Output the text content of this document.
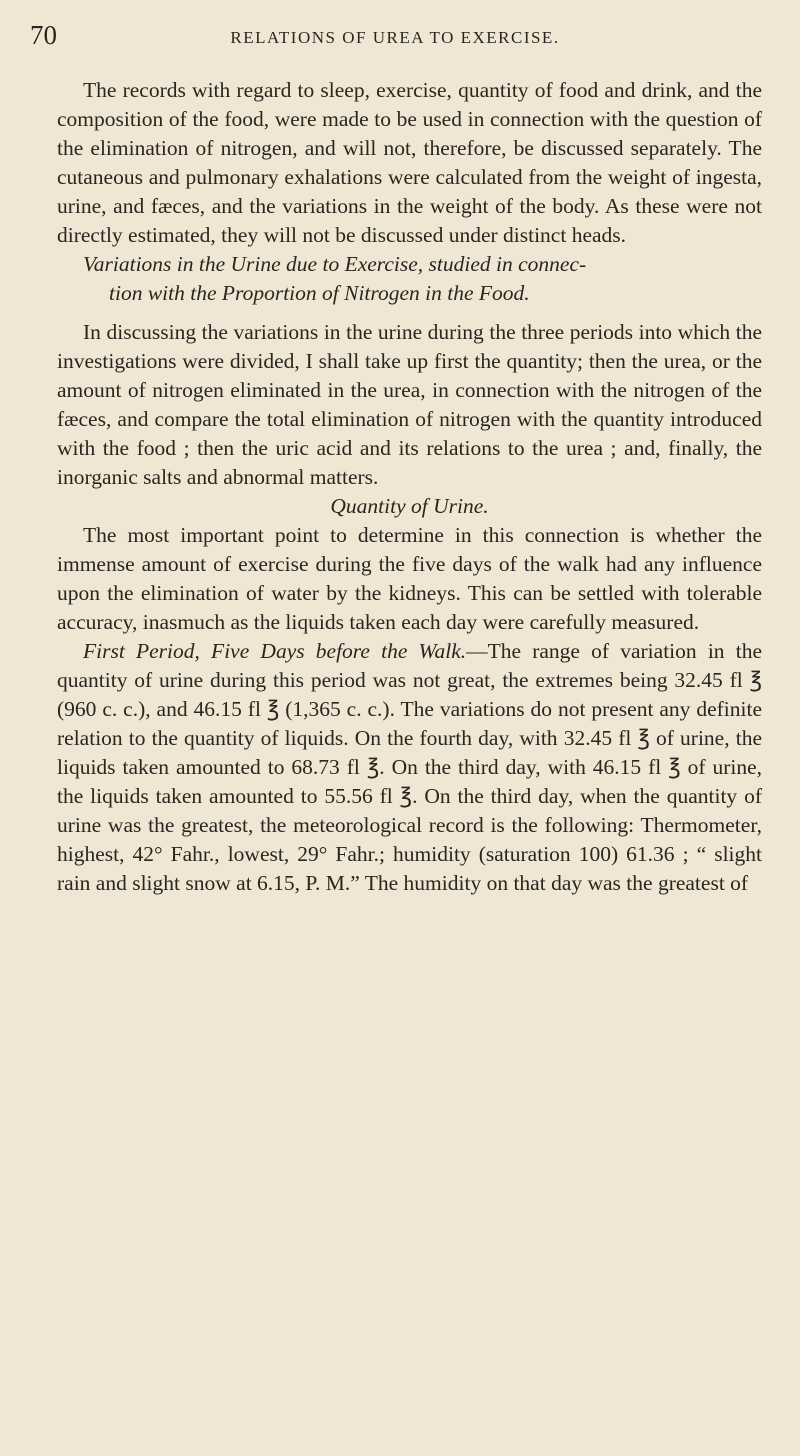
70	RELATIONS OF UREA TO EXERCISE.

The records with regard to sleep, exercise, quantity of food and drink, and the composition of the food, were made to be used in connection with the question of the elimination of nitrogen, and will not, therefore, be discussed separately. The cutaneous and pulmonary exhalations were calculated from the weight of ingesta, urine, and fæces, and the variations in the weight of the body. As these were not directly estimated, they will not be discussed under distinct heads.

Variations in the Urine due to Exercise, studied in connec-
tion with the Proportion of Nitrogen in the Food.

In discussing the variations in the urine during the three periods into which the investigations were divided, I shall take up first the quantity; then the urea, or the amount of nitrogen eliminated in the urea, in connection with the nitrogen of the fæces, and compare the total elimination of nitrogen with the quantity introduced with the food ; then the uric acid and its relations to the urea ; and, finally, the inorganic salts and abnormal matters.

Quantity of Urine.

The most important point to determine in this connection is whether the immense amount of exercise during the five days of the walk had any influence upon the elimination of water by the kidneys. This can be settled with tolerable accuracy, inasmuch as the liquids taken each day were carefully measured.

First Period, Five Days before the Walk.—The range of variation in the quantity of urine during this period was not great, the extremes being 32.45 fl ℥ (960 c. c.), and 46.15 fl ℥ (1,365 c. c.). The variations do not present any definite relation to the quantity of liquids. On the fourth day, with 32.45 fl ℥ of urine, the liquids taken amounted to 68.73 fl ℥. On the third day, with 46.15 fl ℥ of urine, the liquids taken amounted to 55.56 fl ℥. On the third day, when the quantity of urine was the greatest, the meteorological record is the following: Thermometer, highest, 42° Fahr., lowest, 29° Fahr.; humidity (saturation 100) 61.36 ; “ slight rain and slight snow at 6.15, P. M.” The humidity on that day was the greatest of
